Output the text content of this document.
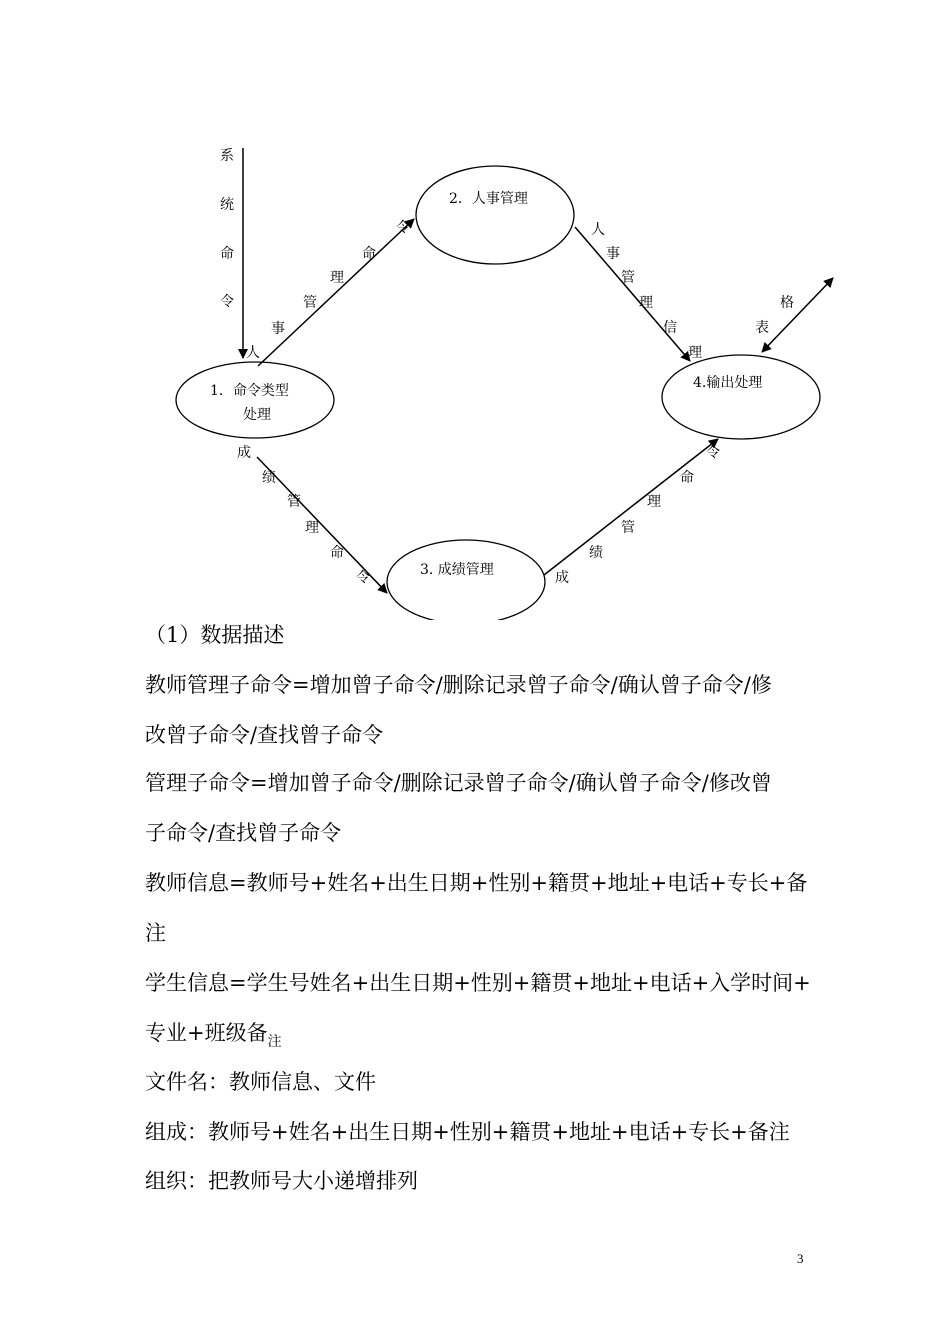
1．命令类型
处理
2．人事管理
3. 成绩管理
4.输出处理
系
统
命
令
人
事
管
理
命
令	人
事
管
理
信
理
成
绩
管
理
命
令	成
绩
管
理
命
令
格
表

（1）数据描述

教师管理子命令=增加曾子命令/删除记录曾子命令/确认曾子命令/修

改曾子命令/查找曾子命令

管理子命令=增加曾子命令/删除记录曾子命令/确认曾子命令/修改曾

子命令/查找曾子命令

教师信息=教师号+姓名+出生日期+性别+籍贯+地址+电话+专长+备

注

学生信息=学生号姓名+出生日期+性别+籍贯+地址+电话+入学时间+

专业+班级备$_注$

文件名：教师信息、文件

组成：教师号+姓名+出生日期+性别+籍贯+地址+电话+专长+备注

组织：把教师号大小递增排列

3
